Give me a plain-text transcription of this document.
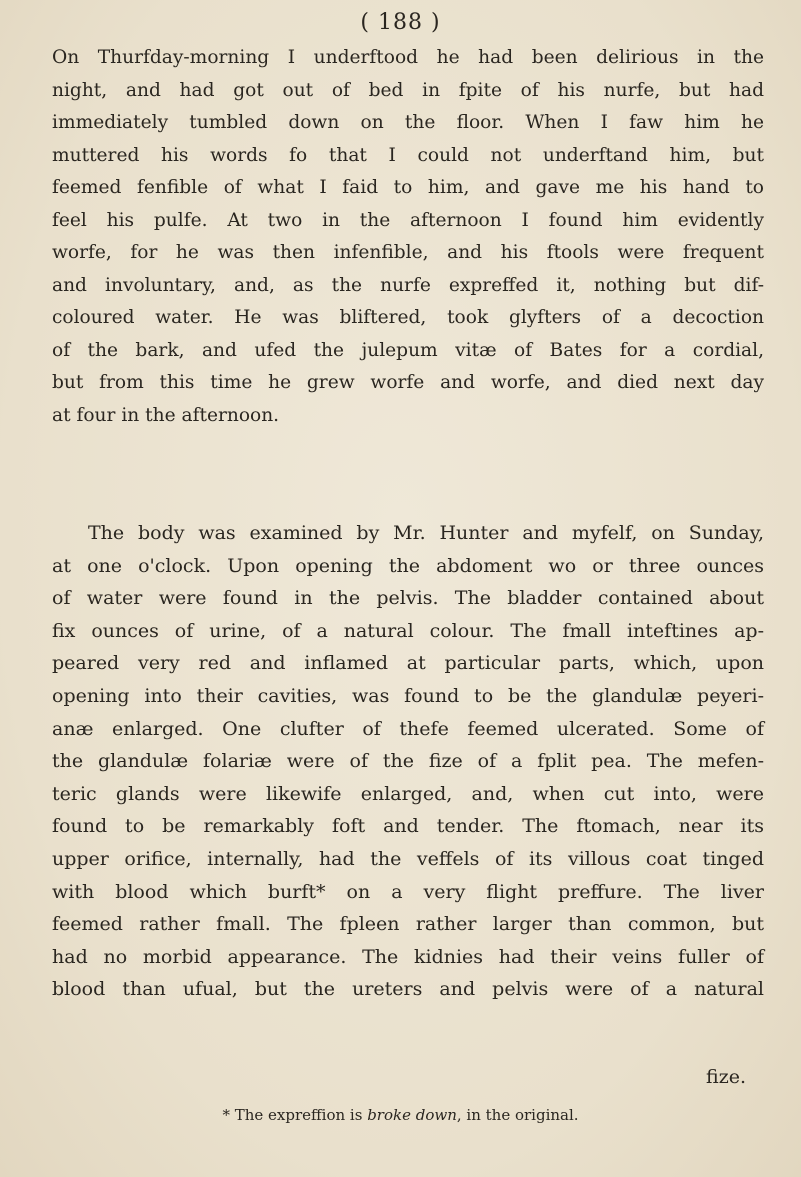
( 188 )
On Thurfday-morning I underftood he had been delirious in the
night, and had got out of bed in fpite of his nurfe, but had
immediately tumbled down on the floor. When I faw him he
muttered his words fo that I could not underftand him, but
feemed fenfible of what I faid to him, and gave me his hand to
feel his pulfe. At two in the afternoon I found him evidently
worfe, for he was then infenfible, and his ftools were frequent
and involuntary, and, as the nurfe expreffed it, nothing but dif-
coloured water. He was bliftered, took glyfters of a decoction
of the bark, and ufed the julepum vitæ of Bates for a cordial,
but from this time he grew worfe and worfe, and died next day
at four in the afternoon.
The body was examined by Mr. Hunter and myfelf, on Sunday,
at one o'clock. Upon opening the abdoment wo or three ounces
of water were found in the pelvis. The bladder contained about
fix ounces of urine, of a natural colour. The fmall inteftines ap-
peared very red and inflamed at particular parts, which, upon
opening into their cavities, was found to be the glandulæ peyeri-
anæ enlarged. One clufter of thefe feemed ulcerated. Some of
the glandulæ folariæ were of the fize of a fplit pea. The mefen-
teric glands were likewife enlarged, and, when cut into, were
found to be remarkably foft and tender. The ftomach, near its
upper orifice, internally, had the veffels of its villous coat tinged
with blood which burft* on a very flight preffure. The liver
feemed rather fmall. The fpleen rather larger than common, but
had no morbid appearance. The kidnies had their veins fuller of
blood than ufual, but the ureters and pelvis were of a natural
fize.
* The expreffion is broke down, in the original.
